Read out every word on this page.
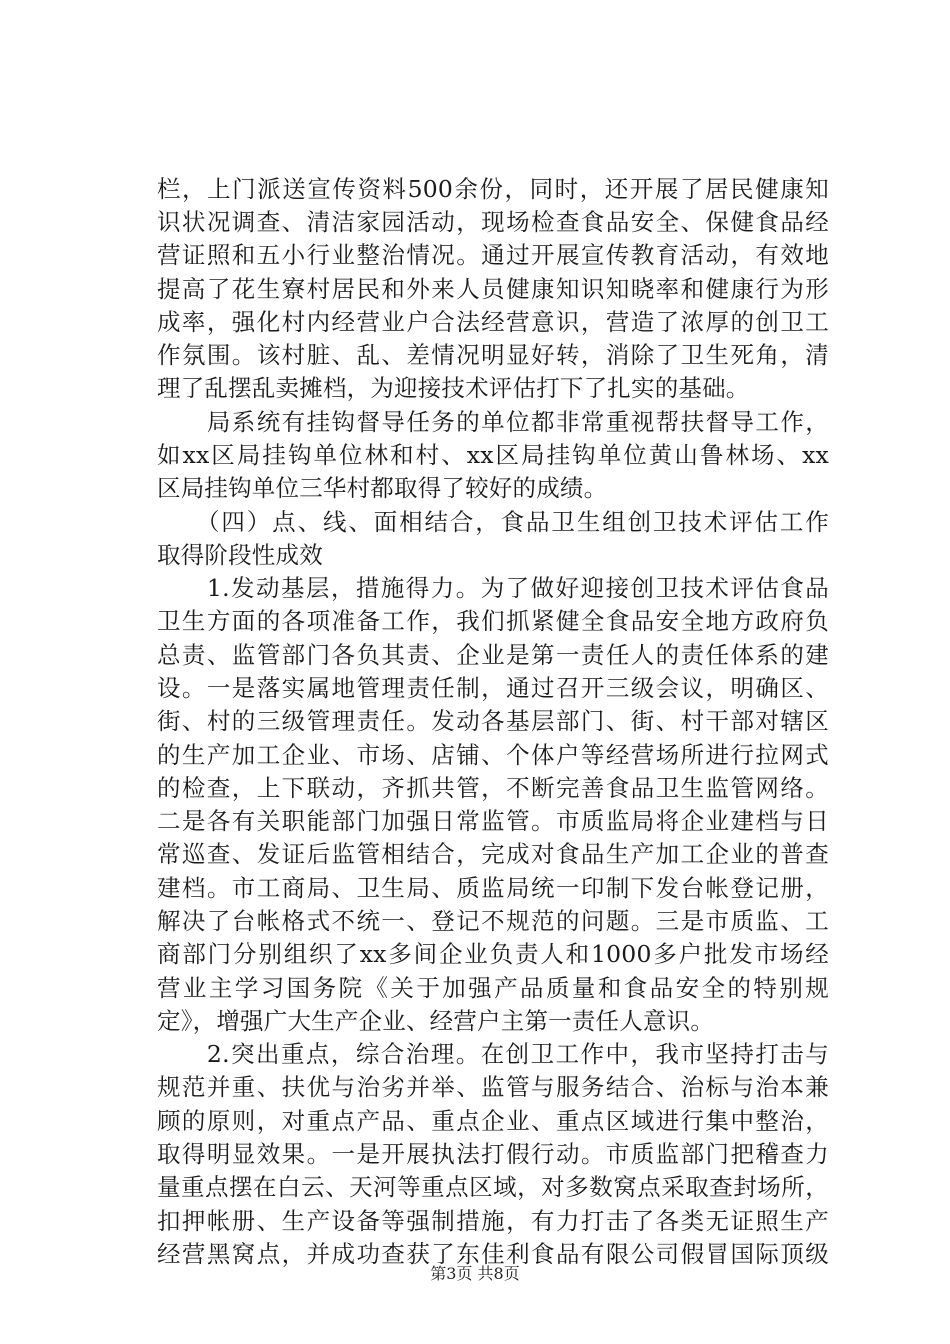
栏，上门派送宣传资料500余份，同时，还开展了居民健康知
识状况调查、清洁家园活动，现场检查食品安全、保健食品经
营证照和五小行业整治情况。通过开展宣传教育活动，有效地
提高了花生寮村居民和外来人员健康知识知晓率和健康行为形
成率，强化村内经营业户合法经营意识，营造了浓厚的创卫工
作氛围。该村脏、乱、差情况明显好转，消除了卫生死角，清
理了乱摆乱卖摊档，为迎接技术评估打下了扎实的基础。
　　局系统有挂钩督导任务的单位都非常重视帮扶督导工作，
如xx区局挂钩单位林和村、xx区局挂钩单位黄山鲁林场、xx
区局挂钩单位三华村都取得了较好的成绩。
　　（四）点、线、面相结合，食品卫生组创卫技术评估工作
取得阶段性成效
　　1.发动基层，措施得力。为了做好迎接创卫技术评估食品
卫生方面的各项准备工作，我们抓紧健全食品安全地方政府负
总责、监管部门各负其责、企业是第一责任人的责任体系的建
设。一是落实属地管理责任制，通过召开三级会议，明确区、
街、村的三级管理责任。发动各基层部门、街、村干部对辖区
的生产加工企业、市场、店铺、个体户等经营场所进行拉网式
的检查，上下联动，齐抓共管，不断完善食品卫生监管网络。
二是各有关职能部门加强日常监管。市质监局将企业建档与日
常巡查、发证后监管相结合，完成对食品生产加工企业的普查
建档。市工商局、卫生局、质监局统一印制下发台帐登记册，
解决了台帐格式不统一、登记不规范的问题。三是市质监、工
商部门分别组织了xx多间企业负责人和1000多户批发市场经
营业主学习国务院《关于加强产品质量和食品安全的特别规
定》，增强广大生产企业、经营户主第一责任人意识。
　　2.突出重点，综合治理。在创卫工作中，我市坚持打击与
规范并重、扶优与治劣并举、监管与服务结合、治标与治本兼
顾的原则，对重点产品、重点企业、重点区域进行集中整治，
取得明显效果。一是开展执法打假行动。市质监部门把稽查力
量重点摆在白云、天河等重点区域，对多数窝点采取查封场所，
扣押帐册、生产设备等强制措施，有力打击了各类无证照生产
经营黑窝点，并成功查获了东佳利食品有限公司假冒国际顶级
第3页 共8页
